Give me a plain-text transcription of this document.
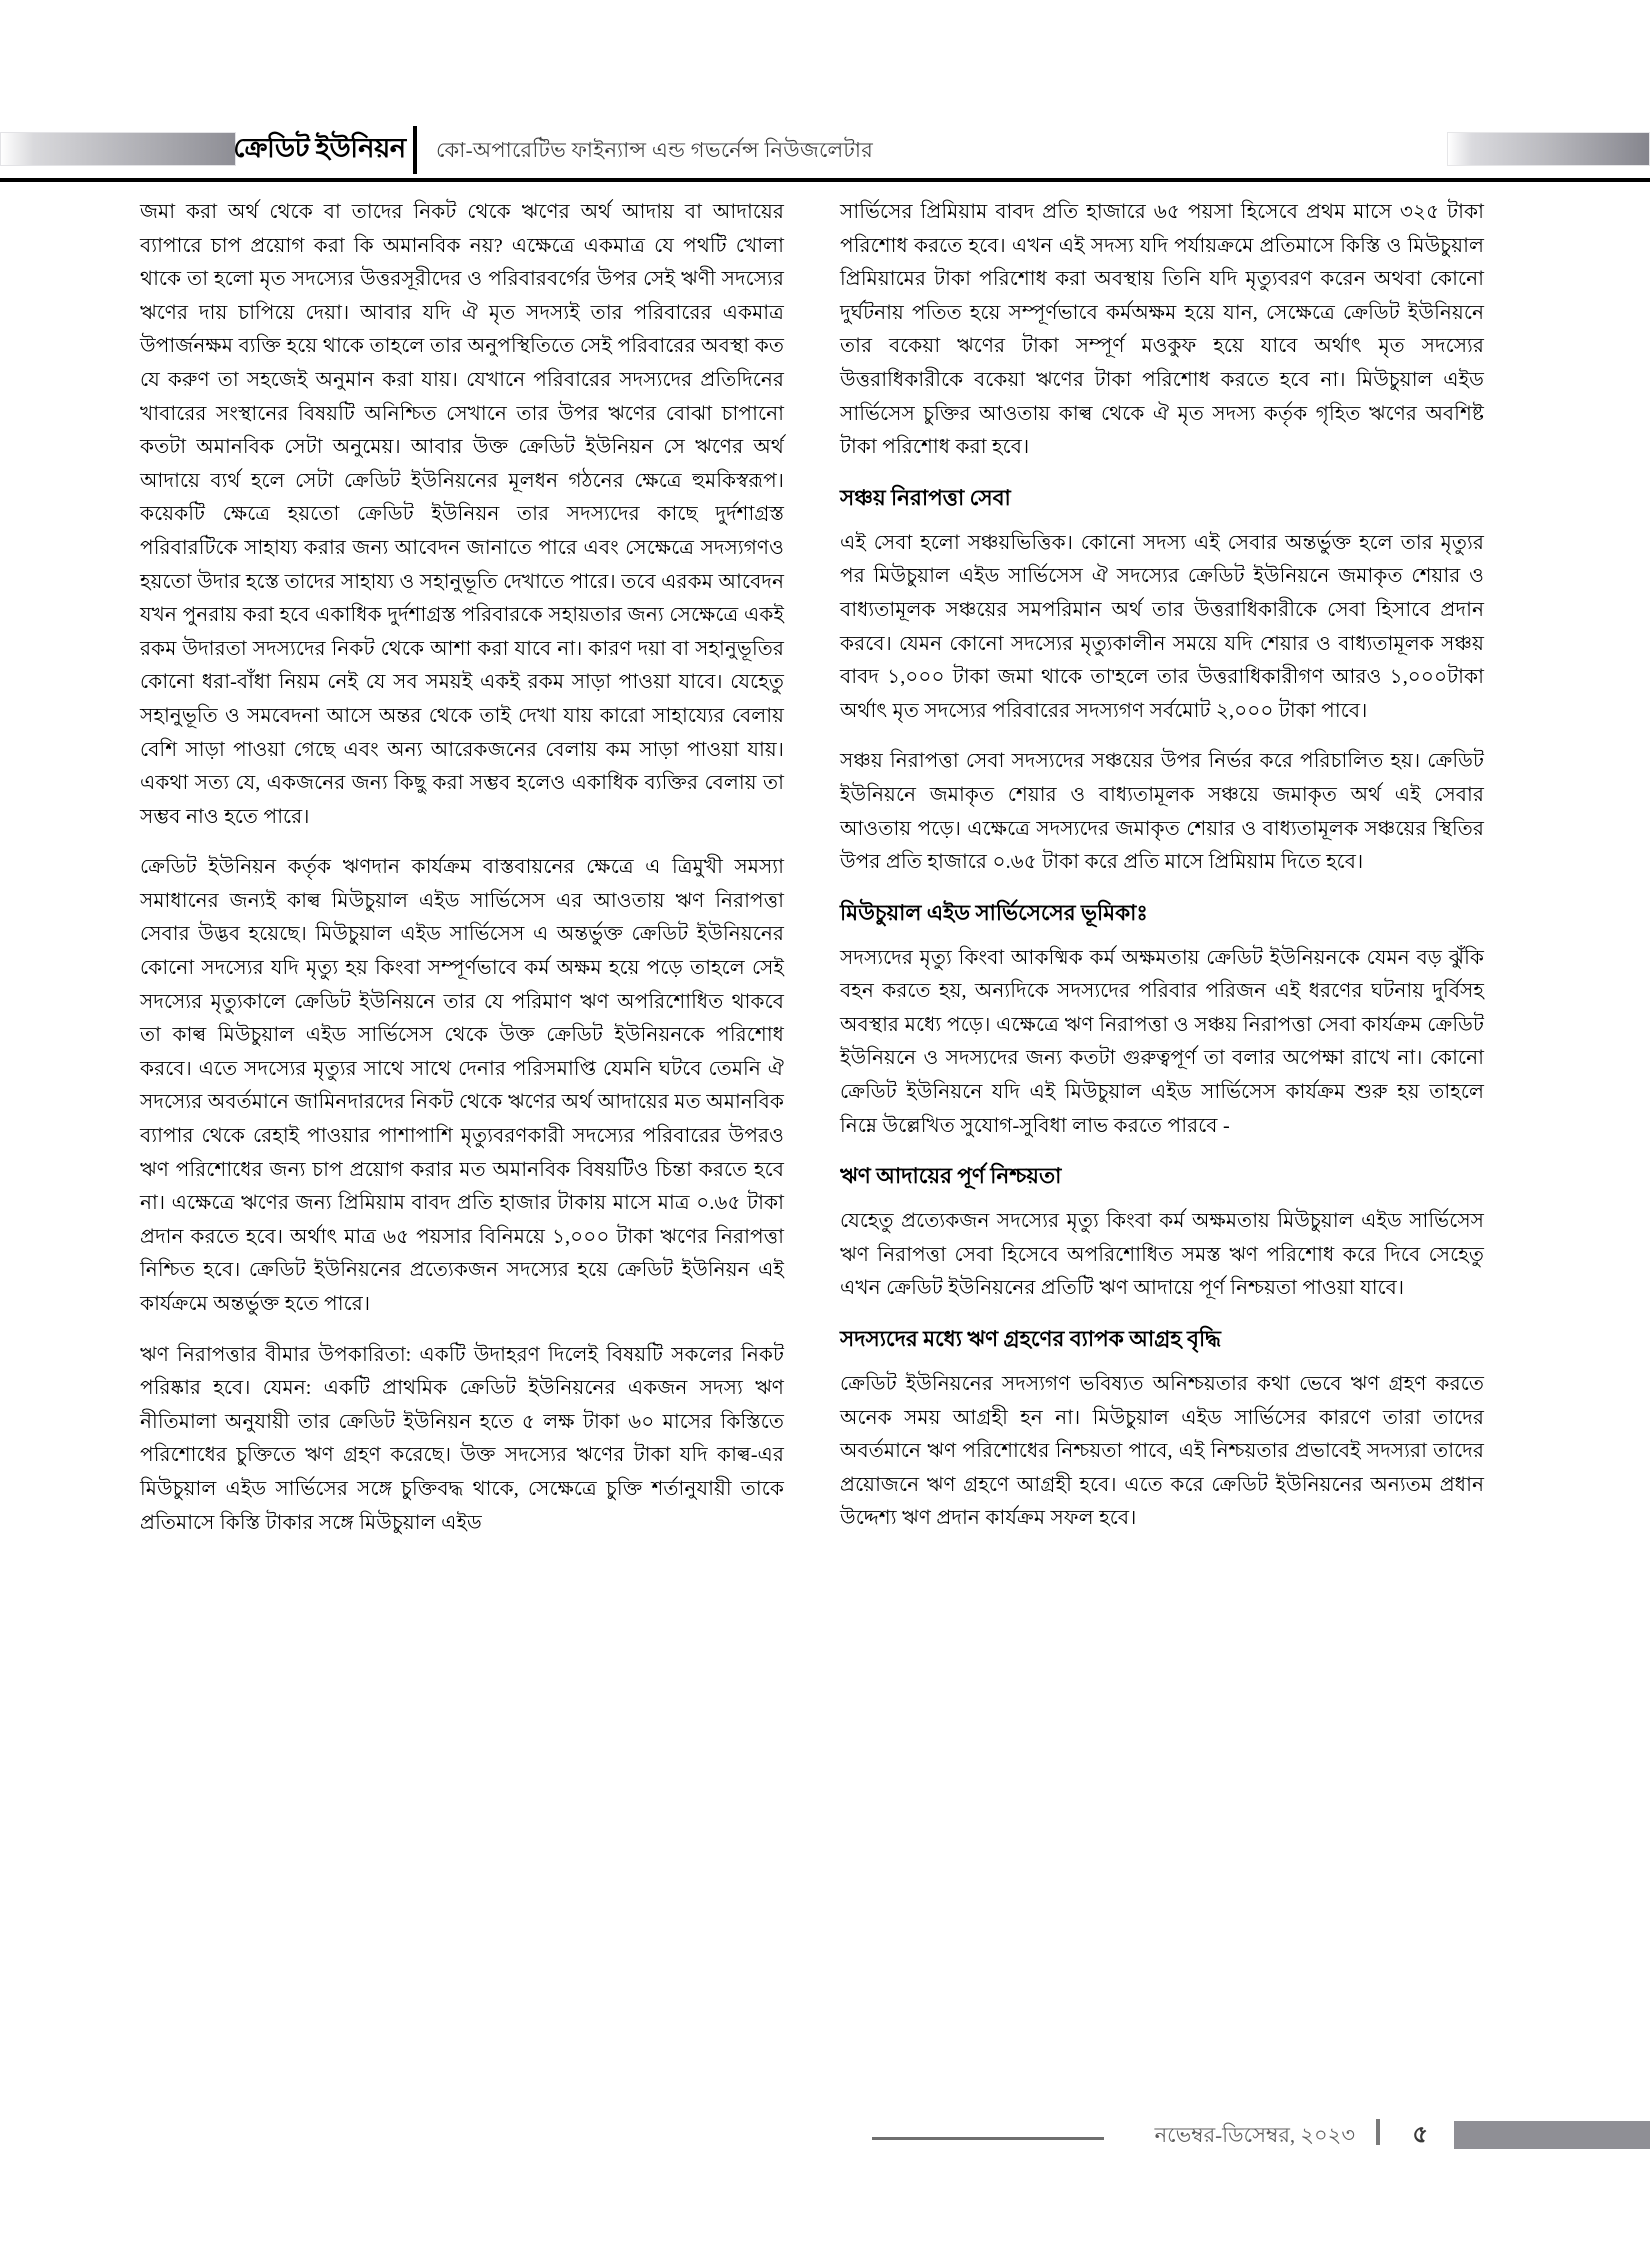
ক্রেডিট ইউনিয়ন কো-অপারেটিভ ফাইন্যান্স এন্ড গভর্নেন্স নিউজলেটার

জমা করা অর্থ থেকে বা তাদের নিকট থেকে ঋণের অর্থ আদায় বা আদায়ের ব্যাপারে চাপ প্রয়োগ করা কি অমানবিক নয়? এক্ষেত্রে একমাত্র যে পথটি খোলা থাকে তা হলো মৃত সদস্যের উত্তরসূরীদের ও পরিবারবর্গের উপর সেই ঋণী সদস্যের ঋণের দায় চাপিয়ে দেয়া। আবার যদি ঐ মৃত সদস্যই তার পরিবারের একমাত্র উপার্জনক্ষম ব্যক্তি হয়ে থাকে তাহলে তার অনুপস্থিতিতে সেই পরিবারের অবস্থা কত যে করুণ তা সহজেই অনুমান করা যায়। যেখানে পরিবারের সদস্যদের প্রতিদিনের খাবারের সংস্থানের বিষয়টি অনিশ্চিত সেখানে তার উপর ঋণের বোঝা চাপানো কতটা অমানবিক সেটা অনুমেয়। আবার উক্ত ক্রেডিট ইউনিয়ন সে ঋণের অর্থ আদায়ে ব্যর্থ হলে সেটা ক্রেডিট ইউনিয়নের মূলধন গঠনের ক্ষেত্রে হুমকিস্বরূপ। কয়েকটি ক্ষেত্রে হয়তো ক্রেডিট ইউনিয়ন তার সদস্যদের কাছে দুর্দশাগ্রস্ত পরিবারটিকে সাহায্য করার জন্য আবেদন জানাতে পারে এবং সেক্ষেত্রে সদস্যগণও হয়তো উদার হস্তে তাদের সাহায্য ও সহানুভূতি দেখাতে পারে। তবে এরকম আবেদন যখন পুনরায় করা হবে একাধিক দুর্দশাগ্রস্ত পরিবারকে সহায়তার জন্য সেক্ষেত্রে একই রকম উদারতা সদস্যদের নিকট থেকে আশা করা যাবে না। কারণ দয়া বা সহানুভূতির কোনো ধরা-বাঁধা নিয়ম নেই যে সব সময়ই একই রকম সাড়া পাওয়া যাবে। যেহেতু সহানুভূতি ও সমবেদনা আসে অন্তর থেকে তাই দেখা যায় কারো সাহায্যের বেলায় বেশি সাড়া পাওয়া গেছে এবং অন্য আরেকজনের বেলায় কম সাড়া পাওয়া যায়। একথা সত্য যে, একজনের জন্য কিছু করা সম্ভব হলেও একাধিক ব্যক্তির বেলায় তা সম্ভব নাও হতে পারে।

ক্রেডিট ইউনিয়ন কর্তৃক ঋণদান কার্যক্রম বাস্তবায়নের ক্ষেত্রে এ ত্রিমুখী সমস্যা সমাধানের জন্যই কাল্ব মিউচুয়াল এইড সার্ভিসেস এর আওতায় ঋণ নিরাপত্তা সেবার উদ্ভব হয়েছে। মিউচুয়াল এইড সার্ভিসেস এ অন্তর্ভুক্ত ক্রেডিট ইউনিয়নের কোনো সদস্যের যদি মৃত্যু হয় কিংবা সম্পূর্ণভাবে কর্ম অক্ষম হয়ে পড়ে তাহলে সেই সদস্যের মৃত্যুকালে ক্রেডিট ইউনিয়নে তার যে পরিমাণ ঋণ অপরিশোধিত থাকবে তা কাল্ব মিউচুয়াল এইড সার্ভিসেস থেকে উক্ত ক্রেডিট ইউনিয়নকে পরিশোধ করবে। এতে সদস্যের মৃত্যুর সাথে সাথে দেনার পরিসমাপ্তি যেমনি ঘটবে তেমনি ঐ সদস্যের অবর্তমানে জামিনদারদের নিকট থেকে ঋণের অর্থ আদায়ের মত অমানবিক ব্যাপার থেকে রেহাই পাওয়ার পাশাপাশি মৃত্যুবরণকারী সদস্যের পরিবারের উপরও ঋণ পরিশোধের জন্য চাপ প্রয়োগ করার মত অমানবিক বিষয়টিও চিন্তা করতে হবে না। এক্ষেত্রে ঋণের জন্য প্রিমিয়াম বাবদ প্রতি হাজার টাকায় মাসে মাত্র ০.৬৫ টাকা প্রদান করতে হবে। অর্থাৎ মাত্র ৬৫ পয়সার বিনিময়ে ১,০০০ টাকা ঋণের নিরাপত্তা নিশ্চিত হবে। ক্রেডিট ইউনিয়নের প্রত্যেকজন সদস্যের হয়ে ক্রেডিট ইউনিয়ন এই কার্যক্রমে অন্তর্ভুক্ত হতে পারে।

ঋণ নিরাপত্তার বীমার উপকারিতা: একটি উদাহরণ দিলেই বিষয়টি সকলের নিকট পরিষ্কার হবে। যেমন: একটি প্রাথমিক ক্রেডিট ইউনিয়নের একজন সদস্য ঋণ নীতিমালা অনুযায়ী তার ক্রেডিট ইউনিয়ন হতে ৫ লক্ষ টাকা ৬০ মাসের কিস্তিতে পরিশোধের চুক্তিতে ঋণ গ্রহণ করেছে। উক্ত সদস্যের ঋণের টাকা যদি কাল্ব-এর মিউচুয়াল এইড সার্ভিসের সঙ্গে চুক্তিবদ্ধ থাকে, সেক্ষেত্রে চুক্তি শর্তানুযায়ী তাকে প্রতিমাসে কিস্তি টাকার সঙ্গে মিউচুয়াল এইড

সার্ভিসের প্রিমিয়াম বাবদ প্রতি হাজারে ৬৫ পয়সা হিসেবে প্রথম মাসে ৩২৫ টাকা পরিশোধ করতে হবে। এখন এই সদস্য যদি পর্যায়ক্রমে প্রতিমাসে কিস্তি ও মিউচুয়াল প্রিমিয়ামের টাকা পরিশোধ করা অবস্থায় তিনি যদি মৃত্যুবরণ করেন অথবা কোনো দুর্ঘটনায় পতিত হয়ে সম্পূর্ণভাবে কর্মঅক্ষম হয়ে যান, সেক্ষেত্রে ক্রেডিট ইউনিয়নে তার বকেয়া ঋণের টাকা সম্পূর্ণ মওকুফ হয়ে যাবে অর্থাৎ মৃত সদস্যের উত্তরাধিকারীকে বকেয়া ঋণের টাকা পরিশোধ করতে হবে না। মিউচুয়াল এইড সার্ভিসেস চুক্তির আওতায় কাল্ব থেকে ঐ মৃত সদস্য কর্তৃক গৃহিত ঋণের অবশিষ্ট টাকা পরিশোধ করা হবে।

সঞ্চয় নিরাপত্তা সেবা

এই সেবা হলো সঞ্চয়ভিত্তিক। কোনো সদস্য এই সেবার অন্তর্ভুক্ত হলে তার মৃত্যুর পর মিউচুয়াল এইড সার্ভিসেস ঐ সদস্যের ক্রেডিট ইউনিয়নে জমাকৃত শেয়ার ও বাধ্যতামূলক সঞ্চয়ের সমপরিমান অর্থ তার উত্তরাধিকারীকে সেবা হিসাবে প্রদান করবে। যেমন কোনো সদস্যের মৃত্যুকালীন সময়ে যদি শেয়ার ও বাধ্যতামূলক সঞ্চয় বাবদ ১,০০০ টাকা জমা থাকে তা'হলে তার উত্তরাধিকারীগণ আরও ১,০০০টাকা অর্থাৎ মৃত সদস্যের পরিবারের সদস্যগণ সর্বমোট ২,০০০ টাকা পাবে।

সঞ্চয় নিরাপত্তা সেবা সদস্যদের সঞ্চয়ের উপর নির্ভর করে পরিচালিত হয়। ক্রেডিট ইউনিয়নে জমাকৃত শেয়ার ও বাধ্যতামূলক সঞ্চয়ে জমাকৃত অর্থ এই সেবার আওতায় পড়ে। এক্ষেত্রে সদস্যদের জমাকৃত শেয়ার ও বাধ্যতামূলক সঞ্চয়ের স্থিতির উপর প্রতি হাজারে ০.৬৫ টাকা করে প্রতি মাসে প্রিমিয়াম দিতে হবে।

মিউচুয়াল এইড সার্ভিসেসের ভূমিকাঃ

সদস্যদের মৃত্যু কিংবা আকষ্মিক কর্ম অক্ষমতায় ক্রেডিট ইউনিয়নকে যেমন বড় ঝুঁকি বহন করতে হয়, অন্যদিকে সদস্যদের পরিবার পরিজন এই ধরণের ঘটনায় দুর্বিসহ অবস্থার মধ্যে পড়ে। এক্ষেত্রে ঋণ নিরাপত্তা ও সঞ্চয় নিরাপত্তা সেবা কার্যক্রম ক্রেডিট ইউনিয়নে ও সদস্যদের জন্য কতটা গুরুত্বপূর্ণ তা বলার অপেক্ষা রাখে না। কোনো ক্রেডিট ইউনিয়নে যদি এই মিউচুয়াল এইড সার্ভিসেস কার্যক্রম শুরু হয় তাহলে নিম্নে উল্লেখিত সুযোগ-সুবিধা লাভ করতে পারবে -

ঋণ আদায়ের পূর্ণ নিশ্চয়তা

যেহেতু প্রত্যেকজন সদস্যের মৃত্যু কিংবা কর্ম অক্ষমতায় মিউচুয়াল এইড সার্ভিসেস ঋণ নিরাপত্তা সেবা হিসেবে অপরিশোধিত সমস্ত ঋণ পরিশোধ করে দিবে সেহেতু এখন ক্রেডিট ইউনিয়নের প্রতিটি ঋণ আদায়ে পূর্ণ নিশ্চয়তা পাওয়া যাবে।

সদস্যদের মধ্যে ঋণ গ্রহণের ব্যাপক আগ্রহ বৃদ্ধি

ক্রেডিট ইউনিয়নের সদস্যগণ ভবিষ্যত অনিশ্চয়তার কথা ভেবে ঋণ গ্রহণ করতে অনেক সময় আগ্রহী হন না। মিউচুয়াল এইড সার্ভিসের কারণে তারা তাদের অবর্তমানে ঋণ পরিশোধের নিশ্চয়তা পাবে, এই নিশ্চয়তার প্রভাবেই সদস্যরা তাদের প্রয়োজনে ঋণ গ্রহণে আগ্রহী হবে। এতে করে ক্রেডিট ইউনিয়নের অন্যতম প্রধান উদ্দেশ্য ঋণ প্রদান কার্যক্রম সফল হবে।

নভেম্বর-ডিসেম্বর, ২০২৩ ৫
